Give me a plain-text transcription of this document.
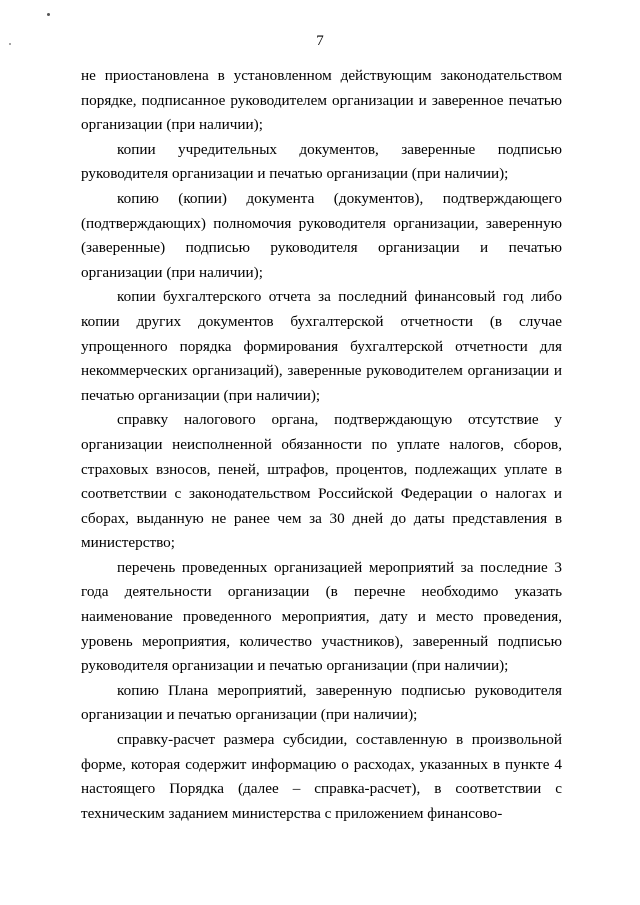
7

не приостановлена в установленном действующим законодательством порядке, подписанное руководителем организации и заверенное печатью организации (при наличии);

копии учредительных документов, заверенные подписью руководителя организации и печатью организации (при наличии);

копию (копии) документа (документов), подтверждающего (подтверждающих) полномочия руководителя организации, заверенную (заверенные) подписью руководителя организации и печатью организации (при наличии);

копии бухгалтерского отчета за последний финансовый год либо копии других документов бухгалтерской отчетности (в случае упрощенного порядка формирования бухгалтерской отчетности для некоммерческих организаций), заверенные руководителем организации и печатью организации (при наличии);

справку налогового органа, подтверждающую отсутствие у организации неисполненной обязанности по уплате налогов, сборов, страховых взносов, пеней, штрафов, процентов, подлежащих уплате в соответствии с законодательством Российской Федерации о налогах и сборах, выданную не ранее чем за 30 дней до даты представления в министерство;

перечень проведенных организацией мероприятий за последние 3 года деятельности организации (в перечне необходимо указать наименование проведенного мероприятия, дату и место проведения, уровень мероприятия, количество участников), заверенный подписью руководителя организации и печатью организации (при наличии);

копию Плана мероприятий, заверенную подписью руководителя организации и печатью организации (при наличии);

справку-расчет размера субсидии, составленную в произвольной форме, которая содержит информацию о расходах, указанных в пункте 4 настоящего Порядка (далее – справка-расчет), в соответствии с техническим заданием министерства с приложением финансово-
